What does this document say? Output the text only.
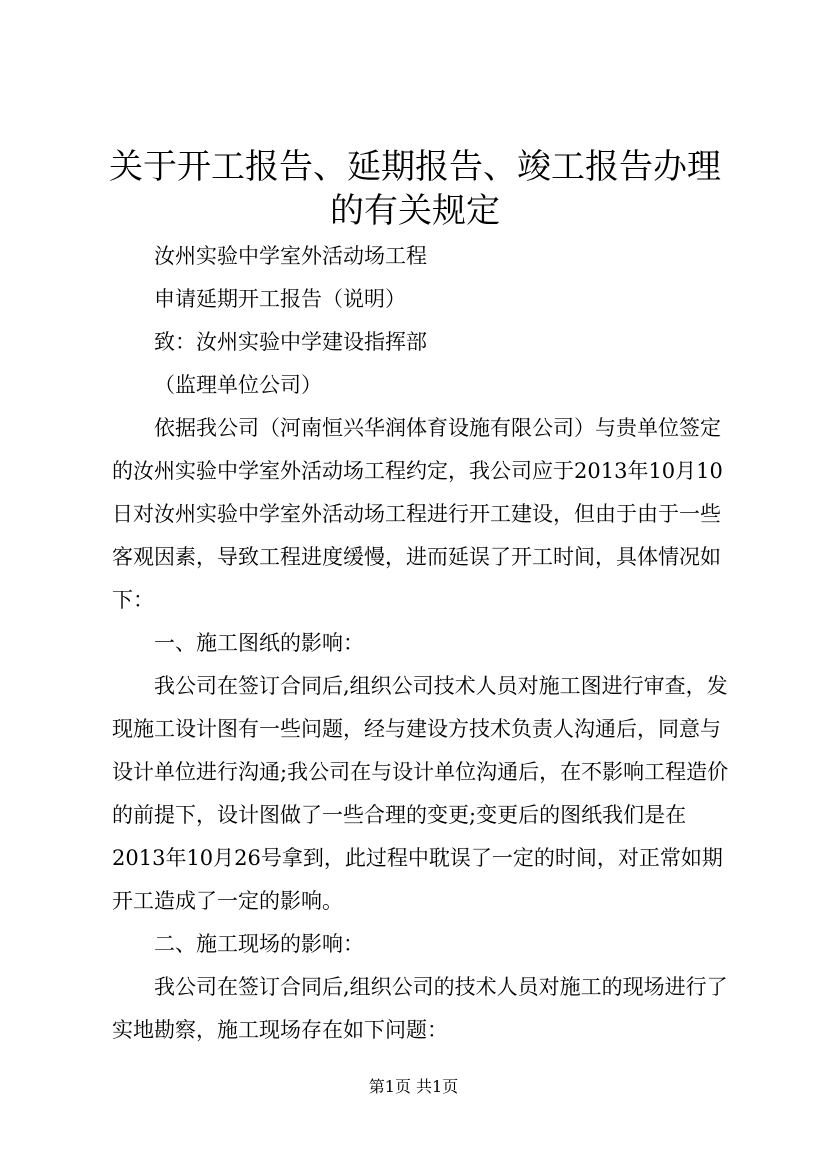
关于开工报告、延期报告、竣工报告办理的有关规定

汝州实验中学室外活动场工程

申请延期开工报告（说明）

致：汝州实验中学建设指挥部

（监理单位公司）

依据我公司（河南恒兴华润体育设施有限公司）与贵单位签定的汝州实验中学室外活动场工程约定，我公司应于2013年10月10日对汝州实验中学室外活动场工程进行开工建设，但由于由于一些客观因素，导致工程进度缓慢，进而延误了开工时间，具体情况如下：

一、施工图纸的影响：

我公司在签订合同后,组织公司技术人员对施工图进行审查，发现施工设计图有一些问题，经与建设方技术负责人沟通后，同意与设计单位进行沟通;我公司在与设计单位沟通后，在不影响工程造价的前提下，设计图做了一些合理的变更;变更后的图纸我们是在2013年10月26号拿到，此过程中耽误了一定的时间，对正常如期开工造成了一定的影响。

二、施工现场的影响：

我公司在签订合同后,组织公司的技术人员对施工的现场进行了实地勘察，施工现场存在如下问题：

第1页 共1页
